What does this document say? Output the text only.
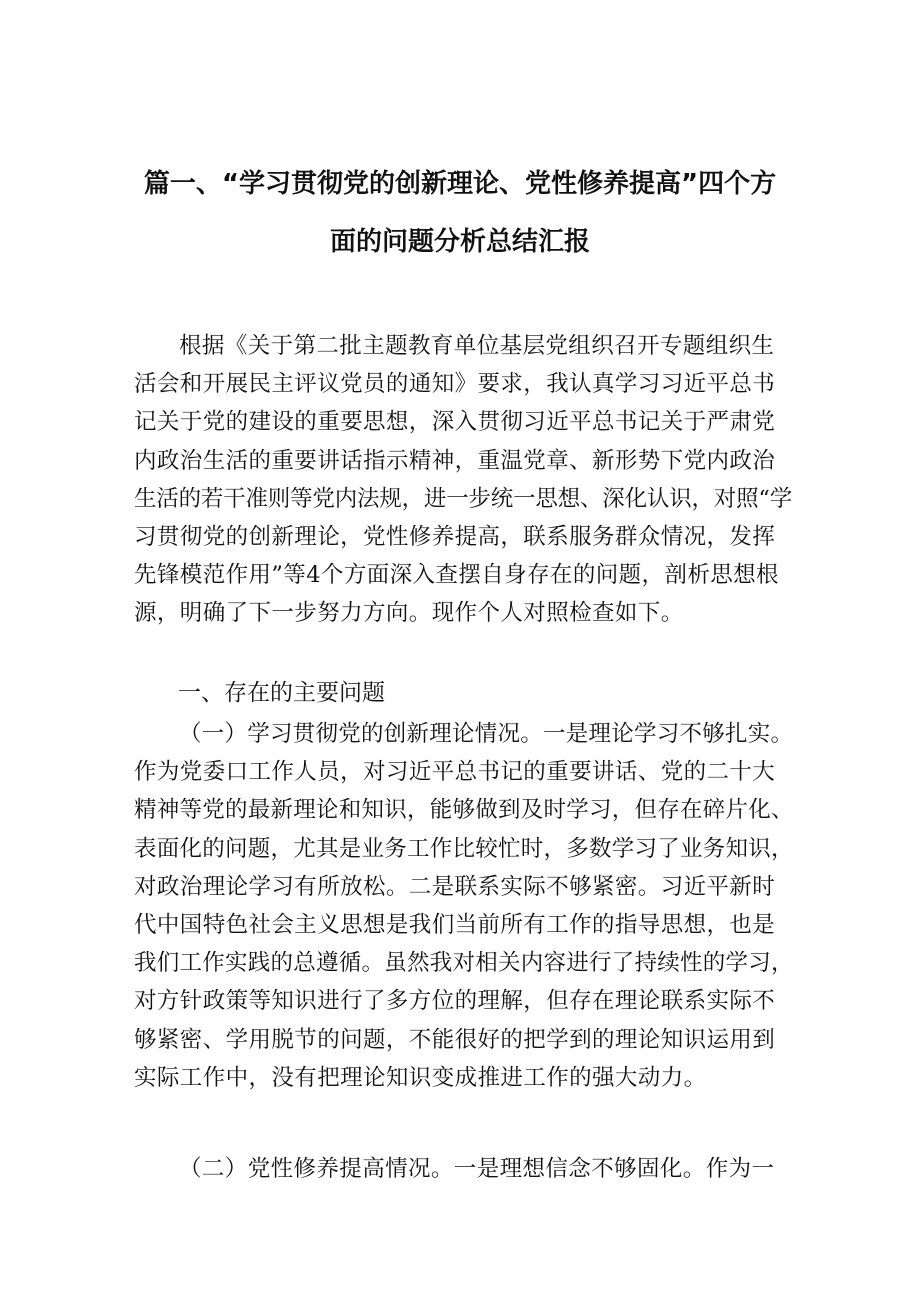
篇一、“学习贯彻党的创新理论、党性修养提高”四个方
面的问题分析总结汇报
根据《关于第二批主题教育单位基层党组织召开专题组织生
活会和开展民主评议党员的通知》要求，我认真学习习近平总书
记关于党的建设的重要思想，深入贯彻习近平总书记关于严肃党
内政治生活的重要讲话指示精神，重温党章、新形势下党内政治
生活的若干准则等党内法规，进一步统一思想、深化认识，对照“学
习贯彻党的创新理论，党性修养提高，联系服务群众情况，发挥
先锋模范作用”等4个方面深入查摆自身存在的问题，剖析思想根
源，明确了下一步努力方向。现作个人对照检查如下。
一、存在的主要问题
（一）学习贯彻党的创新理论情况。一是理论学习不够扎实。
作为党委口工作人员，对习近平总书记的重要讲话、党的二十大
精神等党的最新理论和知识，能够做到及时学习，但存在碎片化、
表面化的问题，尤其是业务工作比较忙时，多数学习了业务知识，
对政治理论学习有所放松。二是联系实际不够紧密。习近平新时
代中国特色社会主义思想是我们当前所有工作的指导思想，也是
我们工作实践的总遵循。虽然我对相关内容进行了持续性的学习，
对方针政策等知识进行了多方位的理解，但存在理论联系实际不
够紧密、学用脱节的问题，不能很好的把学到的理论知识运用到
实际工作中，没有把理论知识变成推进工作的强大动力。
（二）党性修养提高情况。一是理想信念不够固化。作为一
